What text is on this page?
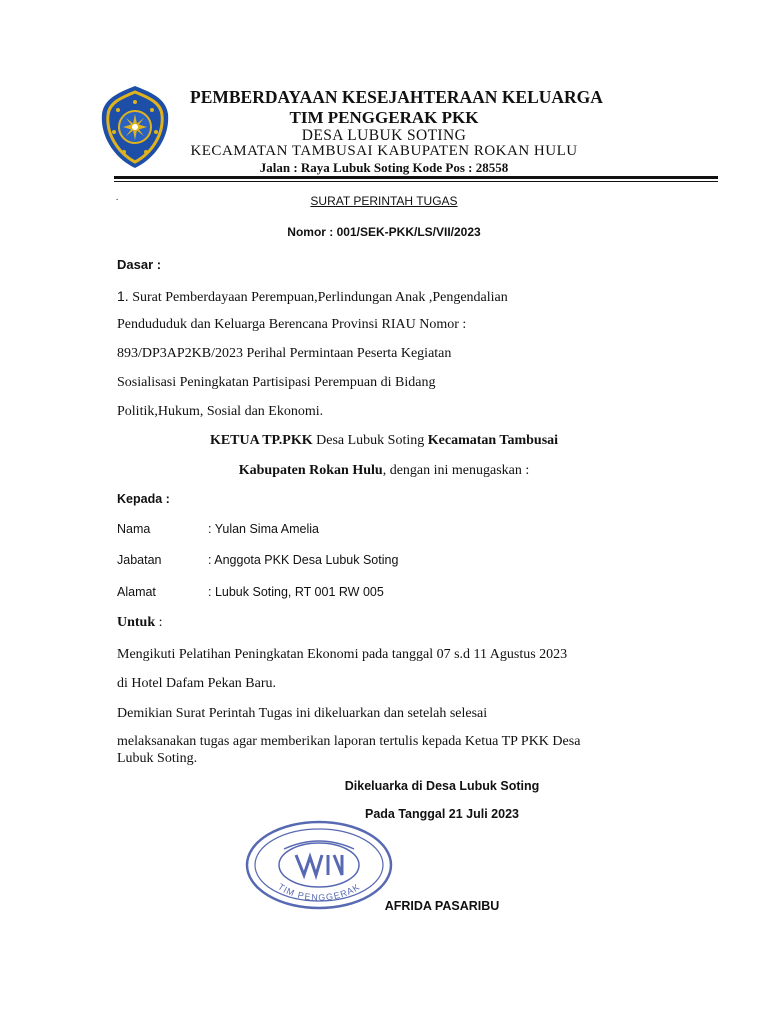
PEMBERDAYAAN KESEJAHTERAAN KELUARGA
TIM PENGGERAK PKK
DESA LUBUK SOTING
KECAMATAN TAMBUSAI KABUPATEN ROKAN HULU
Jalan : Raya Lubuk Soting Kode Pos : 28558
.	SURAT PERINTAH TUGAS
Nomor : 001/SEK-PKK/LS/VII/2023
Dasar :
1. Surat Pemberdayaan Perempuan,Perlindungan Anak ,Pengendalian
Pendududuk dan Keluarga Berencana Provinsi RIAU Nomor :
893/DP3AP2KB/2023 Perihal Permintaan Peserta Kegiatan
Sosialisasi Peningkatan Partisipasi Perempuan di Bidang
Politik,Hukum, Sosial dan Ekonomi.
KETUA TP.PKK Desa Lubuk Soting Kecamatan Tambusai
Kabupaten Rokan Hulu, dengan ini menugaskan :
Kepada :
Nama	: Yulan Sima Amelia
Jabatan	: Anggota PKK Desa Lubuk Soting
Alamat	: Lubuk Soting, RT 001 RW 005
Untuk :
Mengikuti Pelatihan Peningkatan Ekonomi pada tanggal 07 s.d 11 Agustus 2023
di Hotel Dafam Pekan Baru.
Demikian Surat Perintah Tugas ini dikeluarkan dan setelah selesai
melaksanakan tugas agar memberikan laporan tertulis kepada Ketua TP PKK Desa
Lubuk Soting.
Dikeluarka di Desa Lubuk Soting
Pada Tanggal 21 Juli 2023
TIM PENGGERAK
AFRIDA PASARIBU
